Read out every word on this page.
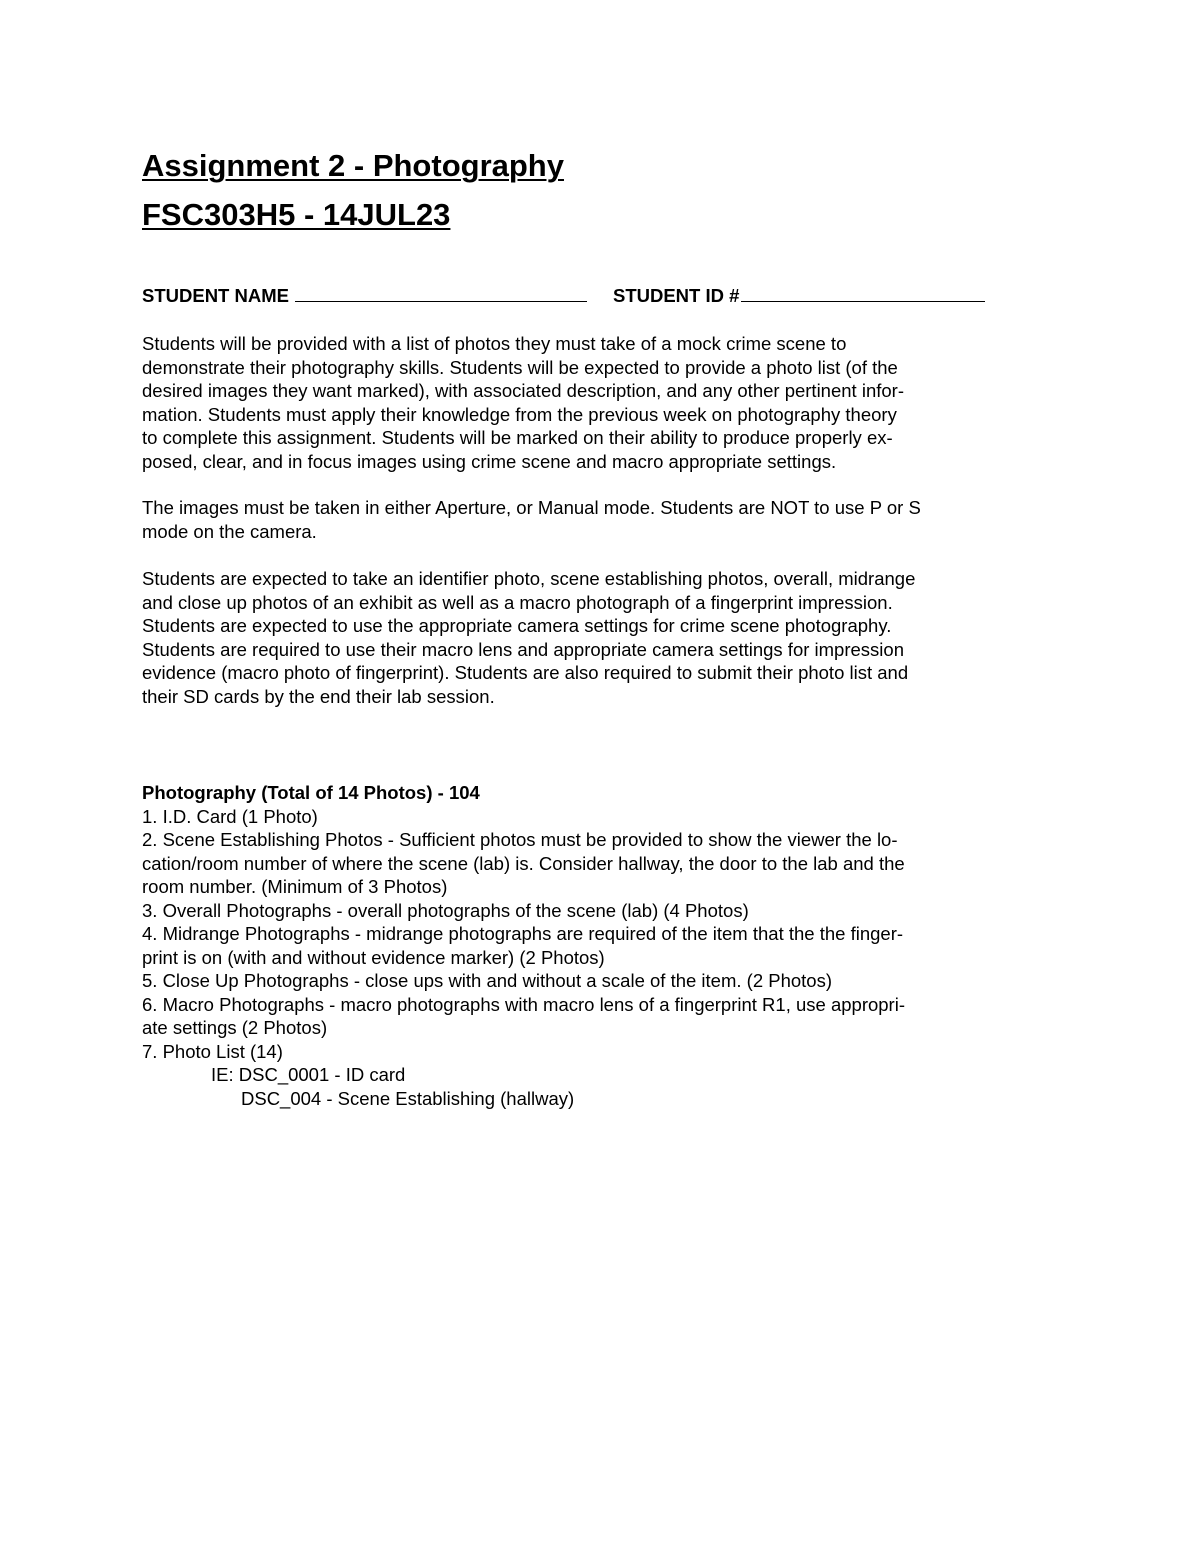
Assignment 2 - Photography
FSC303H5 - 14JUL23
STUDENT NAME	STUDENT ID #

Students will be provided with a list of photos they must take of a mock crime scene to
demonstrate their photography skills. Students will be expected to provide a photo list (of the
desired images they want marked), with associated description, and any other pertinent infor-
mation. Students must apply their knowledge from the previous week on photography theory
to complete this assignment. Students will be marked on their ability to produce properly ex-
posed, clear, and in focus images using crime scene and macro appropriate settings.

The images must be taken in either Aperture, or Manual mode. Students are NOT to use P or S
mode on the camera.

Students are expected to take an identifier photo, scene establishing photos, overall, midrange
and close up photos of an exhibit as well as a macro photograph of a fingerprint impression.
Students are expected to use the appropriate camera settings for crime scene photography.
Students are required to use their macro lens and appropriate camera settings for impression
evidence (macro photo of fingerprint). Students are also required to submit their photo list and
their SD cards by the end their lab session.

Photography (Total of 14 Photos) - 104
1. I.D. Card (1 Photo)
2. Scene Establishing Photos - Sufficient photos must be provided to show the viewer the lo-
cation/room number of where the scene (lab) is. Consider hallway, the door to the lab and the
room number. (Minimum of 3 Photos)
3. Overall Photographs - overall photographs of the scene (lab) (4 Photos)
4. Midrange Photographs - midrange photographs are required of the item that the the finger-
print is on (with and without evidence marker) (2 Photos)
5. Close Up Photographs - close ups with and without a scale of the item. (2 Photos)
6. Macro Photographs - macro photographs with macro lens of a fingerprint R1, use appropri-
ate settings (2 Photos)
7. Photo List (14)
IE: DSC_0001 - ID card
DSC_004 - Scene Establishing (hallway)
